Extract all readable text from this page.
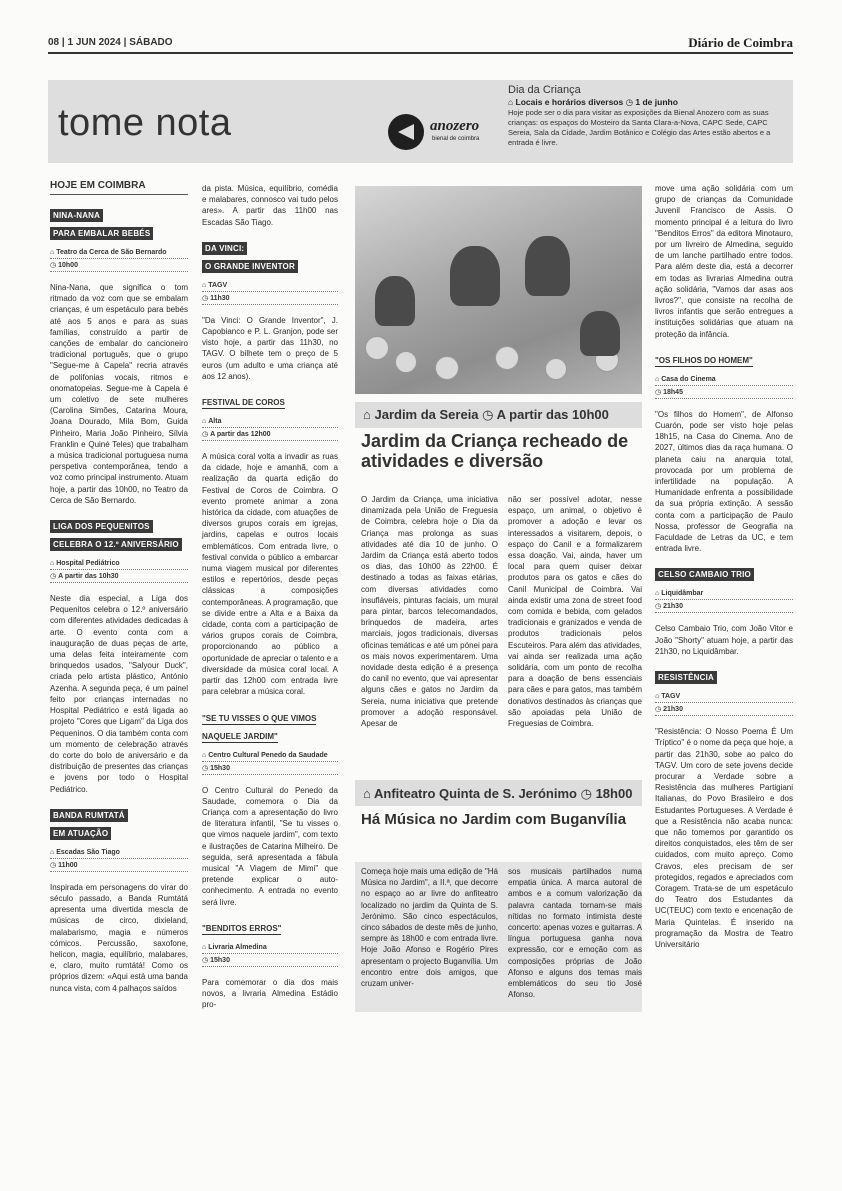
08 | 1 JUN 2024 | SÁBADO	Diário de Coimbra
tome nota	anozero
bienal de coimbra
Dia da Criança
⌂ Locais e horários diversos ◷ 1 de junho
Hoje pode ser o dia para visitar as exposições da Bienal Anozero com as suas crianças: os espaços do Mosteiro da Santa Clara-a-Nova, CAPC Sede, CAPC Sereia, Sala da Cidade, Jardim Botânico e Colégio das Artes estão abertos e a entrada é livre.
HOJE EM COIMBRA
NINA-NANA
PARA EMBALAR BEBÉS
⌂ Teatro da Cerca de São Bernardo
◷ 10h00

Nina-Nana, que significa o tom ritmado da voz com que se embalam crianças, é um espetáculo para bebés até aos 5 anos e para as suas famílias, construído a partir de canções de embalar do cancioneiro tradicional português, que o grupo "Segue-me à Capela" recria através de polifonias vocais, ritmos e onomatopeias. Segue-me à Capela é um coletivo de sete mulheres (Carolina Simões, Catarina Moura, Joana Dourado, Mila Bom, Guida Pinheiro, Maria João Pinheiro, Sílvia Franklin e Quiné Teles) que trabalham a música tradicional portuguesa numa perspetiva contemporânea, tendo a voz como principal instrumento. Atuam hoje, a partir das 10h00, no Teatro da Cerca de São Bernardo.

LIGA DOS PEQUENITOS
CELEBRA O 12.º ANIVERSÁRIO
⌂ Hospital Pediátrico
◷ A partir das 10h30

Neste dia especial, a Liga dos Pequenitos celebra o 12.º aniversário com diferentes atividades dedicadas à arte. O evento conta com a inauguração de duas peças de arte, uma delas feita inteiramente com brinquedos usados, "Salyour Duck", criada pelo artista plástico, António Azenha. A segunda peça, é um painel feito por crianças internadas no Hospital Pediátrico e está ligada ao projeto "Cores que Ligam" da Liga dos Pequeninos. O dia também conta com um momento de celebração através do corte do bolo de aniversário e da distribuição de presentes das crianças e jovens por todo o Hospital Pediátrico.

BANDA RUMTATÁ
EM ATUAÇÃO
⌂ Escadas São Tiago
◷ 11h00

Inspirada em personagens do virar do século passado, a Banda Rumtátá apresenta uma divertida mescla de músicas de circo, dixieland, malabarismo, magia e números cómicos. Percussão, saxofone, helicon, magia, equilíbrio, malabares, e, claro, muito rumtátá! Como os próprios dizem: «Aqui está uma banda nunca vista, com 4 palhaços saídos

da pista. Música, equilíbrio, comédia e malabares, connosco vai tudo pelos ares». A partir das 11h00 nas Escadas São Tiago.

DA VINCI:
O GRANDE INVENTOR
⌂ TAGV
◷ 11h30

"Da Vinci: O Grande Inventor", J. Capobianco e P. L. Granjon, pode ser visto hoje, a partir das 11h30, no TAGV. O bilhete tem o preço de 5 euros (um adulto e uma criança até aos 12 anos).

FESTIVAL DE COROS
⌂ Alta
◷ A partir das 12h00

A música coral volta a invadir as ruas da cidade, hoje e amanhã, com a realização da quarta edição do Festival de Coros de Coimbra. O evento promete animar a zona histórica da cidade, com atuações de diversos grupos corais em igrejas, jardins, capelas e outros locais emblemáticos. Com entrada livre, o festival convida o público a embarcar numa viagem musical por diferentes estilos e repertórios, desde peças clássicas a composições contemporâneas. A programação, que se divide entre a Alta e a Baixa da cidade, conta com a participação de vários grupos corais de Coimbra, proporcionando ao público a oportunidade de apreciar o talento e a diversidade da música coral local. A partir das 12h00 com entrada livre para celebrar a música coral.

"SE TU VISSES O QUE VIMOS
NAQUELE JARDIM"
⌂ Centro Cultural Penedo da Saudade
◷ 15h30

O Centro Cultural do Penedo da Saudade, comemora o Dia da Criança com a apresentação do livro de literatura infantil, "Se tu visses o que vimos naquele jardim", com texto e ilustrações de Catarina Milheiro. De seguida, será apresentada a fábula musical "A Viagem de Mimi" que pretende explicar o auto-conhecimento. A entrada no evento será livre.

"BENDITOS ERROS"
⌂ Livraria Almedina
◷ 15h30

Para comemorar o dia dos mais novos, a livraria Almedina Estádio pro-

⌂ Jardim da Sereia ◷ A partir das 10h00
Jardim da Criança recheado de atividades e diversão

O Jardim da Criança, uma iniciativa dinamizada pela União de Freguesia de Coimbra, celebra hoje o Dia da Criança mas prolonga as suas atividades até dia 10 de junho. O Jardim da Criança está aberto todos os dias, das 10h00 às 22h00. É destinado a todas as faixas etárias, com diversas atividades como insufláveis, pinturas faciais, um mural para pintar, barcos telecomandados, brinquedos de madeira, artes marciais, jogos tradicionais, diversas oficinas temáticas e até um pónei para os mais novos experimentarem. Uma novidade desta edição é a presença do canil no evento, que vai apresentar alguns cães e gatos no Jardim da Sereia, numa iniciativa que pretende promover a adoção responsável. Apesar de

não ser possível adotar, nesse espaço, um animal, o objetivo é promover a adoção e levar os interessados a visitarem, depois, o espaço do Canil e a formalizarem essa doação. Vai, ainda, haver um local para quem quiser deixar produtos para os gatos e cães do Canil Municipal de Coimbra. Vai ainda existir uma zona de street food com comida e bebida, com gelados tradicionais e granizados e venda de produtos tradicionais pelos Escuteiros. Para além das atividades, vai ainda ser realizada uma ação solidária, com um ponto de recolha para a doação de bens essenciais para cães e para gatos, mas também donativos destinados às crianças que são apoiadas pela União de Freguesias de Coimbra.

⌂ Anfiteatro Quinta de S. Jerónimo ◷ 18h00
Há Música no Jardim com Buganvília

Começa hoje mais uma edição de "Há Música no Jardim", a II.ª, que decorre no espaço ao ar livre do anfiteatro localizado no jardim da Quinta de S. Jerónimo. São cinco espectáculos, cinco sábados de deste mês de junho, sempre às 18h00 e com entrada livre. Hoje João Afonso e Rogério Pires apresentam o projecto Buganvília. Um encontro entre dois amigos, que cruzam univer-

sos musicais partilhados numa empatia única. A marca autoral de ambos e a comum valorização da palavra cantada tornam-se mais nítidas no formato intimista deste concerto: apenas vozes e guitarras. A língua portuguesa ganha nova expressão, cor e emoção com as composições próprias de João Afonso e alguns dos temas mais emblemáticos do seu tio José Afonso.

move uma ação solidária com um grupo de crianças da Comunidade Juvenil Francisco de Assis. O momento principal é a leitura do livro "Benditos Erros" da editora Minotauro, por um livreiro de Almedina, seguido de um lanche partilhado entre todos. Para além deste dia, está a decorrer em todas as livrarias Almedina outra ação solidária, "Vamos dar asas aos livros?", que consiste na recolha de livros infantis que serão entregues a instituições solidárias que atuam na proteção da infância.

"OS FILHOS DO HOMEM"
⌂ Casa do Cinema
◷ 18h45

"Os filhos do Homem", de Alfonso Cuarón, pode ser visto hoje pelas 18h15, na Casa do Cinema. Ano de 2027, últimos dias da raça humana. O planeta caiu na anarquia total, provocada por um problema de infertilidade na população. A Humanidade enfrenta a possibilidade da sua própria extinção. A sessão conta com a participação de Paulo Nossa, professor de Geografia na Faculdade de Letras da UC, e tem entrada livre.

CELSO CAMBAIO TRIO
⌂ Liquidâmbar
◷ 21h30

Celso Cambaio Trio, com João Vitor e João "Shorty" atuam hoje, a partir das 21h30, no Liquidâmbar.

RESISTÊNCIA
⌂ TAGV
◷ 21h30

"Resistência: O Nosso Poema É Um Tríptico" é o nome da peça que hoje, a partir das 21h30, sobe ao palco do TAGV. Um coro de sete jovens decide procurar a Verdade sobre a Resistência das mulheres Partigiani Italianas, do Povo Brasileiro e dos Estudantes Portugueses. A Verdade é que a Resistência não acaba nunca: que não tomemos por garantido os direitos conquistados, eles têm de ser cuidados, com muito apreço. Como Cravos, eles precisam de ser protegidos, regados e apreciados com Coragem. Trata-se de um espetáculo do Teatro dos Estudantes da UC(TEUC) com texto e encenação de Maria Quintelas. É inserido na programação da Mostra de Teatro Universitário
